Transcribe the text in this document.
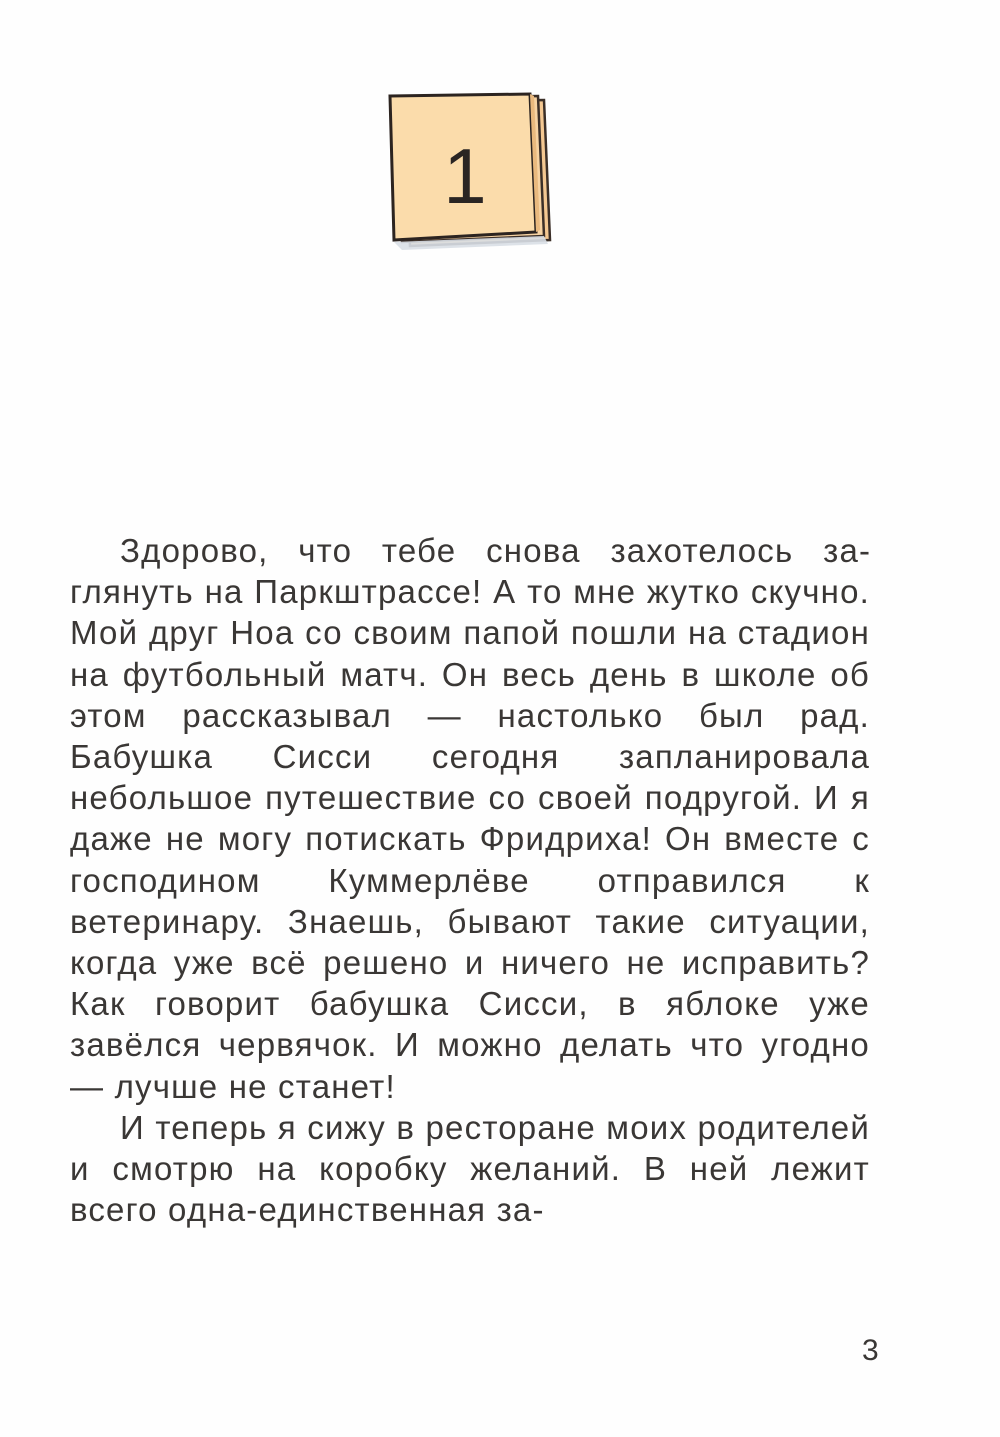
1

Здорово, что тебе снова захотелось заглянуть на Паркштрассе! А то мне жутко скучно. Мой друг Ноа со своим папой пошли на стадион на футбольный матч. Он весь день в школе об этом рассказывал — настолько был рад. Бабушка Сисси сегодня запланировала небольшое путешествие со своей подругой. И я даже не могу потискать Фридриха! Он вместе с господином Куммерлёве отправился к ветеринару. Знаешь, бывают такие ситуации, когда уже всё решено и ничего не исправить? Как говорит бабушка Сисси, в яблоке уже завёлся червячок. И можно делать что угодно — лучше не станет!

И теперь я сижу в ресторане моих родителей и смотрю на коробку желаний. В ней лежит всего одна-единственная за-

3
